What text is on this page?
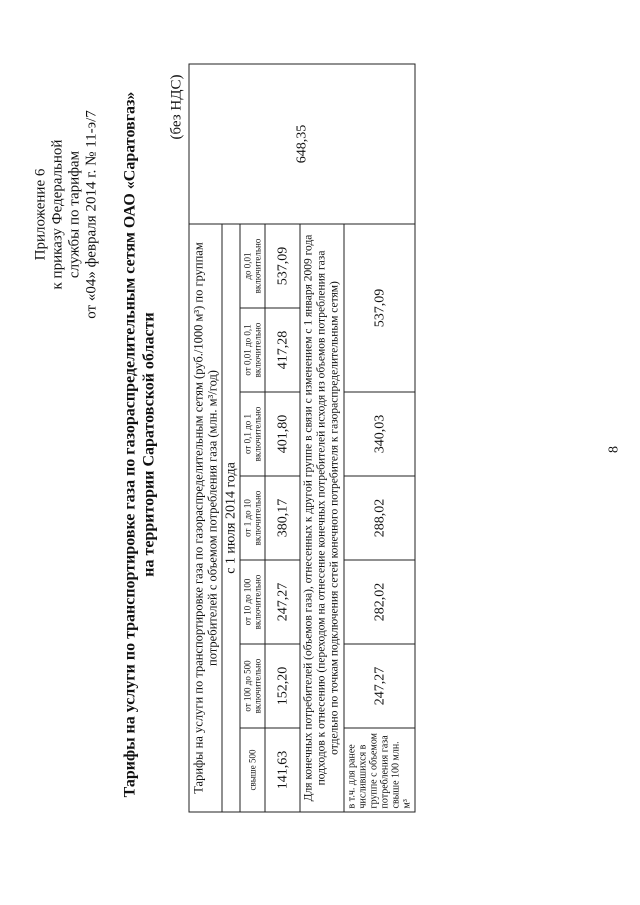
Приложение 6 к приказу Федеральной службы по тарифам от «04» февраля 2014 г. № 11-э/7 Тарифы на услуги по транспортировке газа по газораспределительным сетям ОАО «Саратовгаз» на территории Саратовской области
(без НДС)
Тарифы на услуги по транспортировке газа по газораспределительным сетям (руб./1000 м³) по группам потребителей с объемом потребления газа (млн. м³/год)							648,35
с 1 июля 2014 года							
свыше 500	от 100 до 500 включительно	от 10 до 100 включительно	от 1 до 10 включительно	от 0,1 до 1 включительно	от 0,01 до 0,1 включительно	до 0,01 включительно	
141,63	152,20	247,27	380,17	401,80	417,28	537,09	
Для конечных потребителей (объемов газа), отнесенных к другой группе в связи с изменением с 1 января 2009 года подходов к отнесению (переходом на отнесение конечных потребителей исходя из объемов потребления газа отдельно по точкам подключения сетей конечного потребителя к газораспределительным сетям)							
в т.ч. для ранее числившихся в группе с объемом потребления газа свыше 100 млн. м³	247,27	282,02	288,02	340,03	537,09		

8
